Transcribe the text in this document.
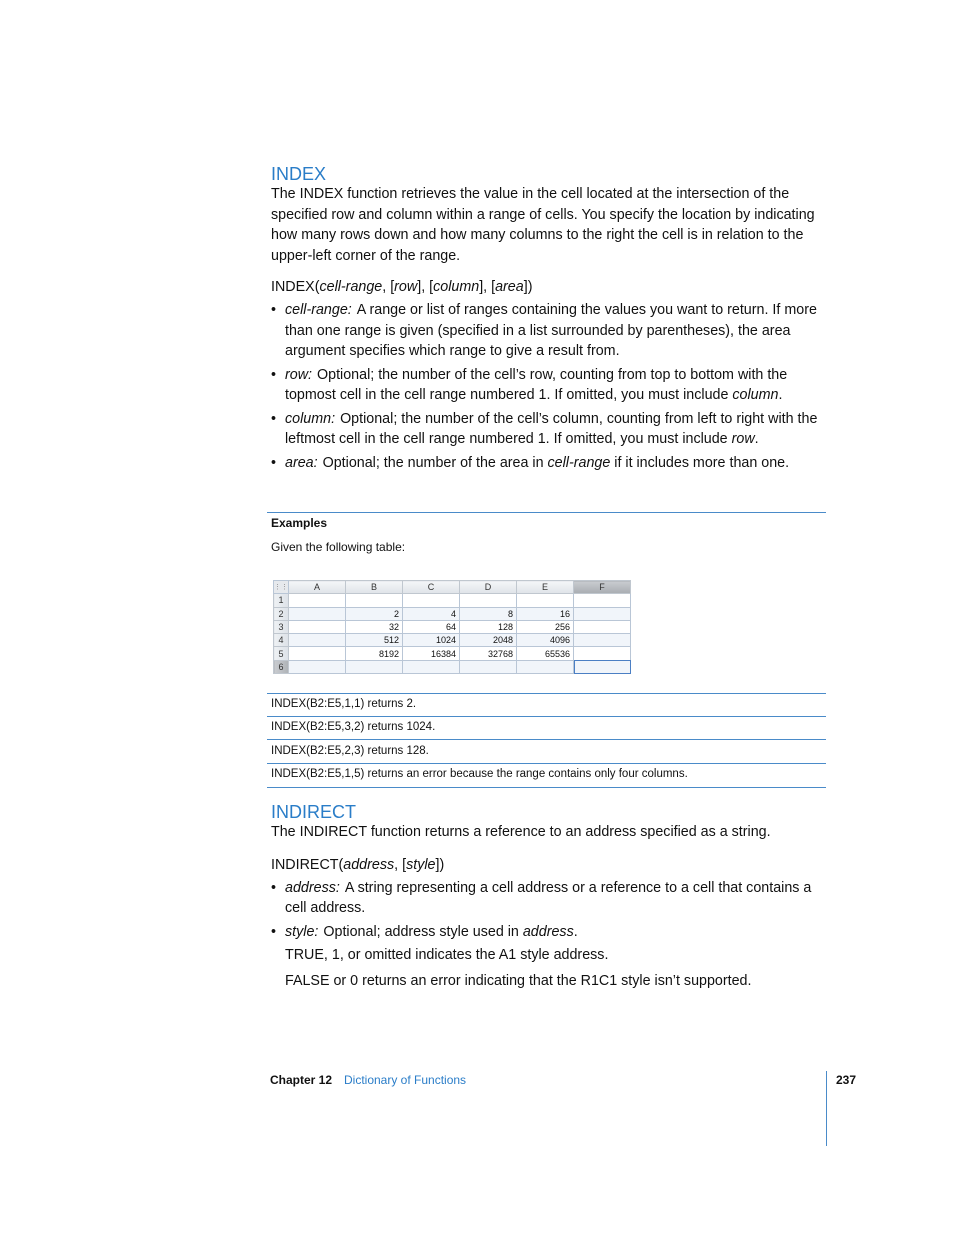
INDEX

The INDEX function retrieves the value in the cell located at the intersection of the specified row and column within a range of cells. You specify the location by indicating how many rows down and how many columns to the right the cell is in relation to the upper-left corner of the range.

INDEX(cell-range, [row], [column], [area])

• cell-range: A range or list of ranges containing the values you want to return. If more than one range is given (specified in a list surrounded by parentheses), the area argument specifies which range to give a result from.
• row: Optional; the number of the cell’s row, counting from top to bottom with the topmost cell in the cell range numbered 1. If omitted, you must include column.
• column: Optional; the number of the cell’s column, counting from left to right with the leftmost cell in the cell range numbered 1. If omitted, you must include row.
• area: Optional; the number of the area in cell-range if it includes more than one.
Examples
Given the following table:
⋮⋮	A	B	C	D	E	F
1						
2		2	4	8	16	
3		32	64	128	256	
4		512	1024	2048	4096	
5		8192	16384	32768	65536	
6						
INDEX(B2:E5,1,1) returns 2.
INDEX(B2:E5,3,2) returns 1024.
INDEX(B2:E5,2,3) returns 128.
INDEX(B2:E5,1,5) returns an error because the range contains only four columns.
INDIRECT

The INDIRECT function returns a reference to an address specified as a string.

INDIRECT(address, [style])

• address: A string representing a cell address or a reference to a cell that contains a cell address.
• style: Optional; address style used in address.

TRUE, 1, or omitted indicates the A1 style address.

FALSE or 0 returns an error indicating that the R1C1 style isn’t supported.

Chapter 12 Dictionary of Functions	237
